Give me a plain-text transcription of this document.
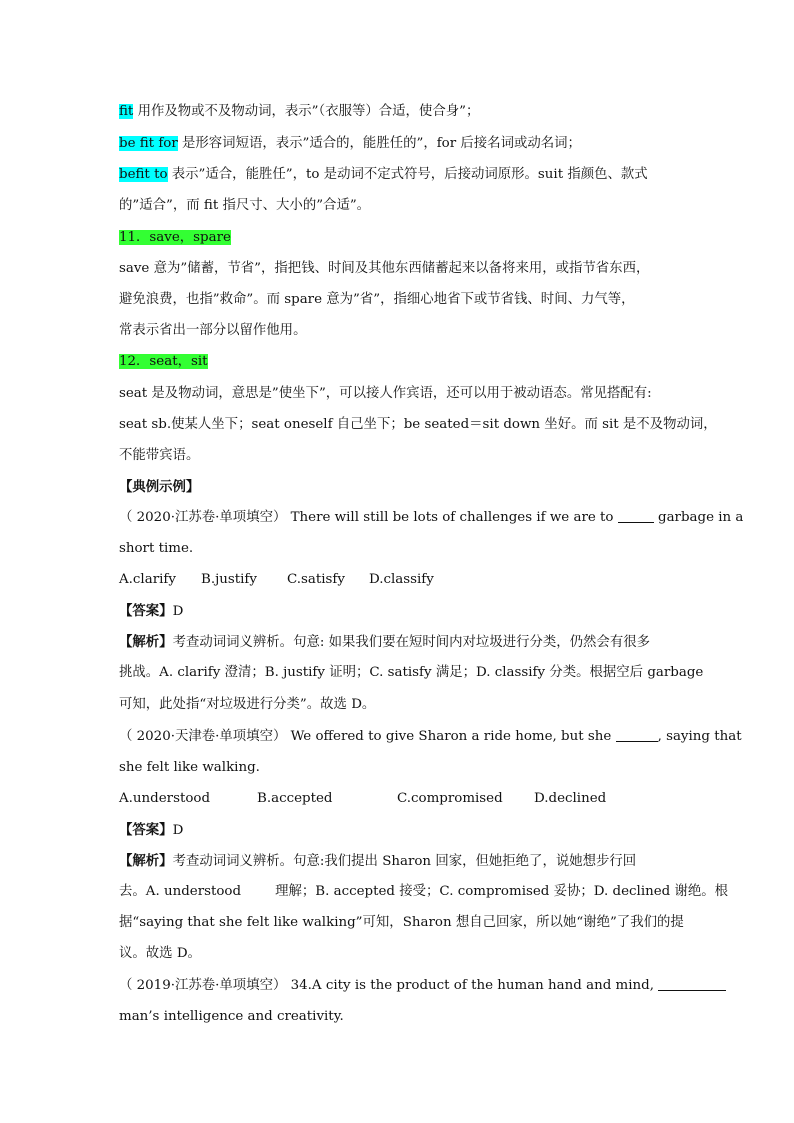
fit 用作及物或不及物动词，表示”（衣服等）合适，使合身”；
be fit for 是形容词短语，表示”适合的，能胜任的”，for 后接名词或动名词；
befit to 表示”适合，能胜任”，to 是动词不定式符号，后接动词原形。suit 指颜色、款式
的”适合”，而 fit 指尺寸、大小的”合适”。
11．save，spare
save 意为”储蓄，节省”，指把钱、时间及其他东西储蓄起来以备将来用，或指节省东西，
避免浪费，也指”救命”。而 spare 意为”省”，指细心地省下或节省钱、时间、力气等，
常表示省出一部分以留作他用。
12．seat，sit
seat 是及物动词，意思是”使坐下”，可以接人作宾语，还可以用于被动语态。常见搭配有:
seat sb.使某人坐下；seat oneself 自己坐下；be seated＝sit down 坐好。而 sit 是不及物动词，
不能带宾语。
【典例示例】
（ 2020·江苏卷·单项填空） There will still be lots of challenges if we are to	garbage in a
short time.
A.clarify B.justify C.satisfy D.classify
【答案】D
【解析】考查动词词义辨析。句意: 如果我们要在短时间内对垃圾进行分类，仍然会有很多
挑战。A. clarify 澄清；B. justify 证明；C. satisfy 满足；D. classify 分类。根据空后 garbage
可知，此处指“对垃圾进行分类”。故选 D。
（ 2020·天津卷·单项填空） We offered to give Sharon a ride home, but she	, saying that
she felt like walking.
A.understood	B.accepted	C.compromised D.declined
【答案】D
【解析】考查动词词义辨析。句意:我们提出 Sharon 回家，但她拒绝了，说她想步行回
去。A. understood        理解；B. accepted 接受；C. compromised 妥协；D. declined 谢绝。根
据“saying that she felt like walking”可知，Sharon 想自己回家，所以她“谢绝”了我们的提
议。故选 D。
（ 2019·江苏卷·单项填空） 34.A city is the product of the human hand and mind,
man’s intelligence and creativity.
